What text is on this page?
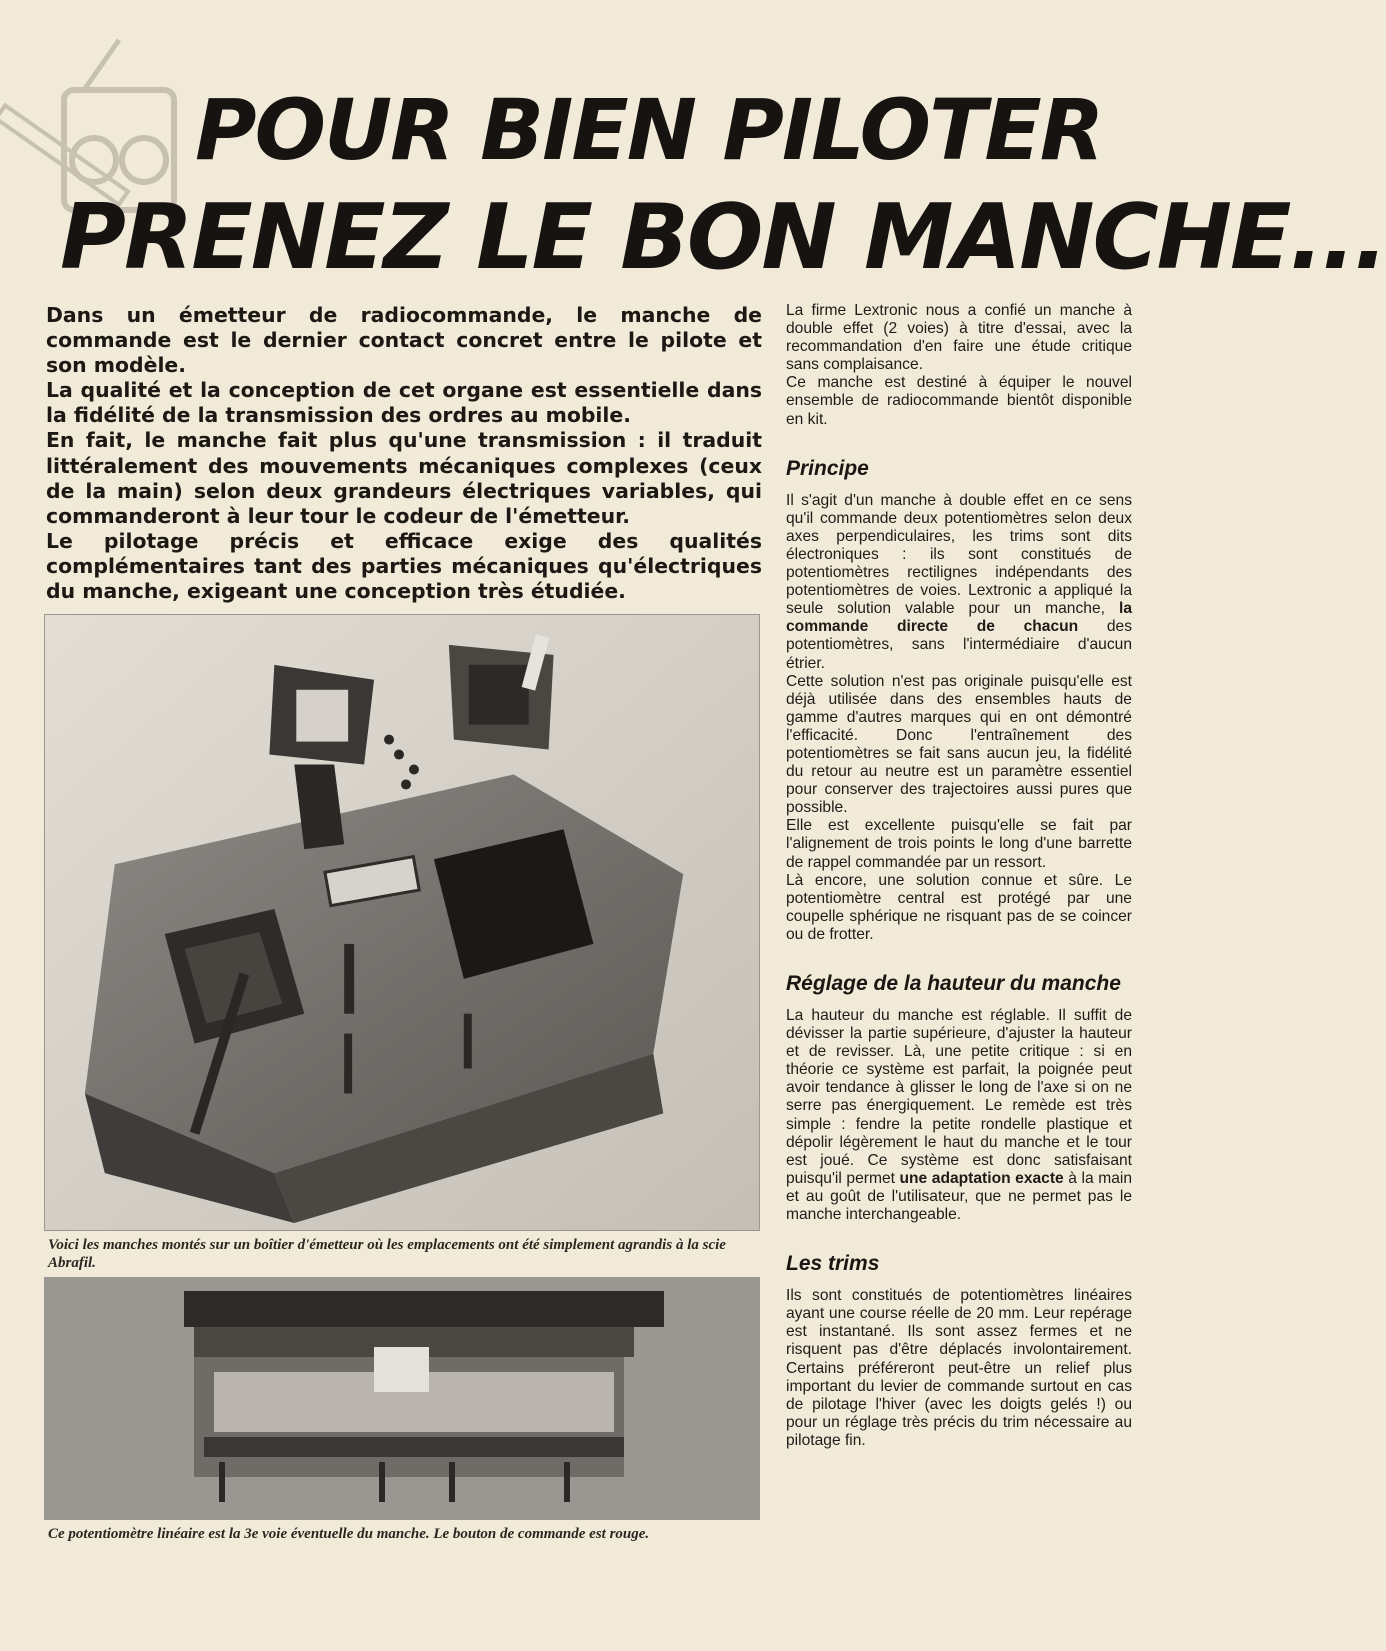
POUR BIEN PILOTER
PRENEZ LE BON MANCHE...

Dans un émetteur de radiocommande, le manche de commande est le dernier contact concret entre le pilote et son modèle.

La qualité et la conception de cet organe est essentielle dans la fidélité de la transmission des ordres au mobile.

En fait, le manche fait plus qu'une transmission : il traduit littéralement des mouvements mécaniques complexes (ceux de la main) selon deux grandeurs électriques variables, qui commanderont à leur tour le codeur de l'émetteur.

Le pilotage précis et efficace exige des qualités complémentaires tant des parties mécaniques qu'électriques du manche, exigeant une conception très étudiée.

Voici les manches montés sur un boîtier d'émetteur où les emplacements ont été simplement agrandis à la scie Abrafil.
Ce potentiomètre linéaire est la 3e voie éventuelle du manche. Le bouton de commande est rouge.

La firme Lextronic nous a confié un manche à double effet (2 voies) à titre d'essai, avec la recommandation d'en faire une étude critique sans complaisance.

Ce manche est destiné à équiper le nouvel ensemble de radiocommande bientôt disponible en kit.

Principe

Il s'agit d'un manche à double effet en ce sens qu'il commande deux potentiomètres selon deux axes perpendiculaires, les trims sont dits électroniques : ils sont constitués de potentiomètres rectilignes indépendants des potentiomètres de voies. Lextronic a appliqué la seule solution valable pour un manche, la commande directe de chacun des potentiomètres, sans l'intermédiaire d'aucun étrier.

Cette solution n'est pas originale puisqu'elle est déjà utilisée dans des ensembles hauts de gamme d'autres marques qui en ont démontré l'efficacité. Donc l'entraînement des potentiomètres se fait sans aucun jeu, la fidélité du retour au neutre est un paramètre essentiel pour conserver des trajectoires aussi pures que possible.

Elle est excellente puisqu'elle se fait par l'alignement de trois points le long d'une barrette de rappel commandée par un ressort.

Là encore, une solution connue et sûre. Le potentiomètre central est protégé par une coupelle sphérique ne risquant pas de se coincer ou de frotter.

Réglage de la hauteur du manche

La hauteur du manche est réglable. Il suffit de dévisser la partie supérieure, d'ajuster la hauteur et de revisser. Là, une petite critique : si en théorie ce système est parfait, la poignée peut avoir tendance à glisser le long de l'axe si on ne serre pas énergiquement. Le remède est très simple : fendre la petite rondelle plastique et dépolir légèrement le haut du manche et le tour est joué. Ce système est donc satisfaisant puisqu'il permet une adaptation exacte à la main et au goût de l'utilisateur, que ne permet pas le manche interchangeable.

Les trims

Ils sont constitués de potentiomètres linéaires ayant une course réelle de 20 mm. Leur repérage est instantané. Ils sont assez fermes et ne risquent pas d'être déplacés involontairement. Certains préféreront peut-être un relief plus important du levier de commande surtout en cas de pilotage l'hiver (avec les doigts gelés !) ou pour un réglage très précis du trim nécessaire au pilotage fin.
